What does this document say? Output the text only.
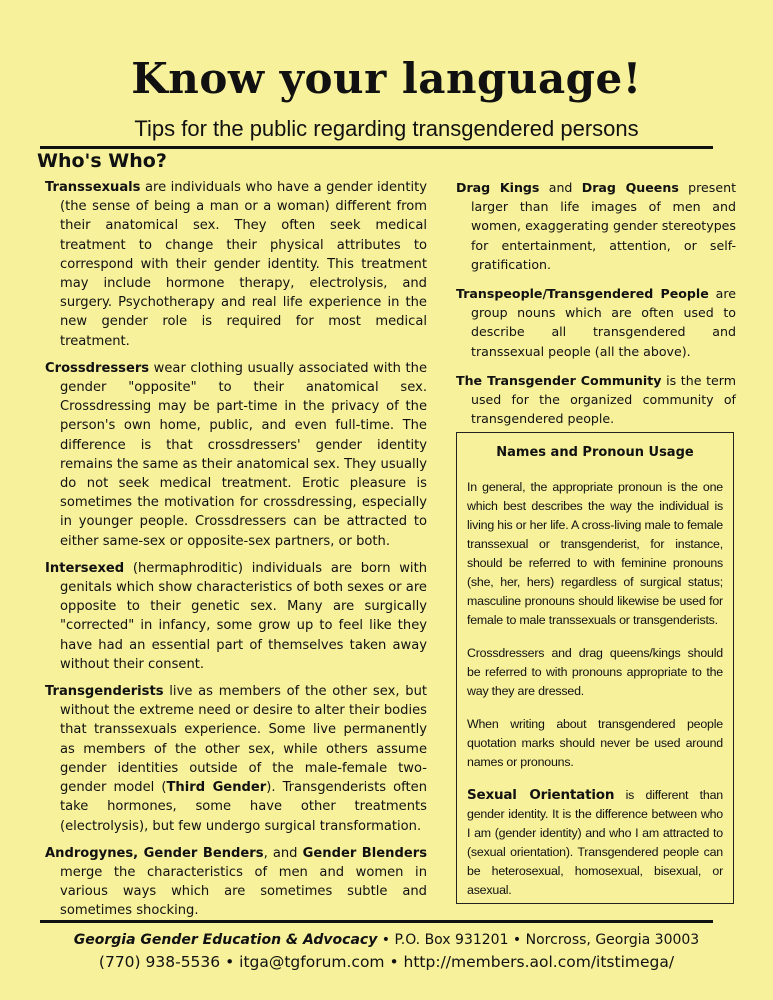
Know your language!

Tips for the public regarding transgendered persons

Who's Who?

Transsexuals are individuals who have a gender identity (the sense of being a man or a woman) different from their anatomical sex. They often seek medical treatment to change their physical attributes to correspond with their gender identity. This treatment may include hormone therapy, electrolysis, and surgery. Psychotherapy and real life experience in the new gender role is required for most medical treatment.

Crossdressers wear clothing usually associated with the gender "opposite" to their anatomical sex. Crossdressing may be part-time in the privacy of the person's own home, public, and even full-time. The difference is that crossdressers' gender identity remains the same as their anatomical sex. They usually do not seek medical treatment. Erotic pleasure is sometimes the motivation for crossdressing, especially in younger people. Crossdressers can be attracted to either same-sex or opposite-sex partners, or both.

Intersexed (hermaphroditic) individuals are born with genitals which show characteristics of both sexes or are opposite to their genetic sex. Many are surgically "corrected" in infancy, some grow up to feel like they have had an essential part of themselves taken away without their consent.

Transgenderists live as members of the other sex, but without the extreme need or desire to alter their bodies that transsexuals experience. Some live permanently as members of the other sex, while others assume gender identities outside of the male-female two-gender model (Third Gender). Transgenderists often take hormones, some have other treatments (electrolysis), but few undergo surgical transformation.

Androgynes, Gender Benders, and Gender Blenders merge the characteristics of men and women in various ways which are sometimes subtle and sometimes shocking.

Drag Kings and Drag Queens present larger than life images of men and women, exaggerating gender stereotypes for entertainment, attention, or self-gratification.

Transpeople/Transgendered People are group nouns which are often used to describe all transgendered and transsexual people (all the above).

The Transgender Community is the term used for the organized community of transgendered people.

Names and Pronoun Usage

In general, the appropriate pronoun is the one which best describes the way the individual is living his or her life. A cross-living male to female transsexual or transgenderist, for instance, should be referred to with feminine pronouns (she, her, hers) regardless of surgical status; masculine pronouns should likewise be used for female to male transsexuals or transgenderists.

Crossdressers and drag queens/kings should be referred to with pronouns appropriate to the way they are dressed.

When writing about transgendered people quotation marks should never be used around names or pronouns.

Sexual Orientation is different than gender identity. It is the difference between who I am (gender identity) and who I am attracted to (sexual orientation). Transgendered people can be heterosexual, homosexual, bisexual, or asexual.

Georgia Gender Education & Advocacy • P.O. Box 931201 • Norcross, Georgia 30003
(770) 938-5536 • itga@tgforum.com • http://members.aol.com/itstimega/
